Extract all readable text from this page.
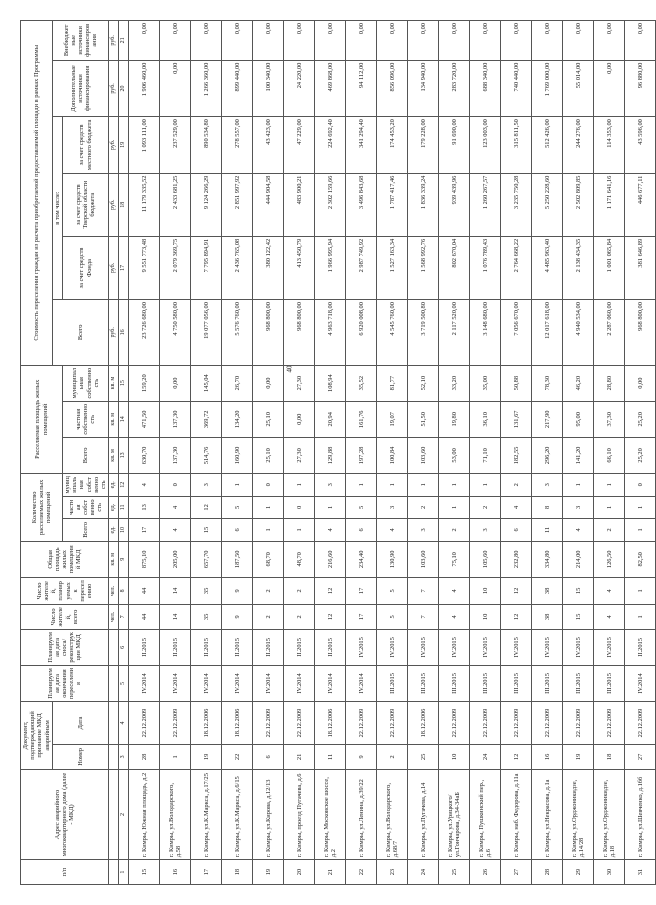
40
п/п	Адрес аварийного многоквартирного дома (далее - МКД)	Документ, подтверждающий признание МКД аварийным		Планируемая дата окончания переселения	Планируемая дата сноса/реконструкции МКД	Число жителей, всего	Число жителей, планируемых к переселению	Общая площадь жилых помещений МКД	Количество расселяемых жилых помещений			Расселяемая площадь жилых помещений			Стоимость переселения граждан из расчета приобретаемой предоставляемой площади в рамках Программы					
		Номер	Дата												Всего	в том числе:			Дополнительные источники финансирования	Внебюджетные источники финансирования
									Всего	частная собственность	муниципальная собственность	Всего	частная собственность	муниципальная собственность		за счет средств Фонда	за счет средств Тверской области бюджета	за счет средств местного бюджета		
						чел.	чел.	кв. м	ед.	ед.	ед.	кв. м	кв. м	кв. м	руб.	руб.	руб.	руб.	руб.	руб.
1	2	3	4	5	6	7	8	9	10	11	12	13	14	15	16	17	18	19	20	21
15	г. Кимры, Южная площадь, д.2	28	22.12.2009	IV.2014	II.2015	44	44	875,10	17	13	4	630,70	471,50	159,20	23 726 680,00	9 551 773,48	11 179 335,52	1 093 111,00	1 906 460,00	0,00
16	г. Кимры, ул.Володарского, д.58	1	22.12.2009	IV.2014	II.2015	14	14	205,00	4	4	0	137,30	137,30	0,00	4 750 580,00	2 079 369,75	2 433 681,25	237 529,00	0,00	0,00
17	г. Кимры, ул.К.Маркса, д.17/25	19	18.12.2006	IV.2014	II.2015	35	35	657,70	15	12	3	514,76	369,72	145,04	19 077 056,00	7 795 894,91	9 124 266,29	890 534,80	1 266 360,00	0,00
18	г. Кимры, ул.К.Маркса, д.6/15	22	18.12.2006	IV.2014	II.2015	9	9	187,50	6	5	1	160,90	134,20	26,70	5 576 760,00	2 436 765,08	2 851 997,92	278 557,00	899 440,00	0,00
19	г. Кимры, ул.Кирова, д.12/13	6	22.12.2009	IV.2014	II.2015	2	2	68,70	1	1	0	25,10	25,10	0,00	968 800,00	380 122,42	444 904,58	43 423,00	100 340,00	0,00
20	г. Кимры, проезд Пугачева, д.6	21	22.12.2009	IV.2014	II.2015	2	2	48,70	1	0	1	27,30	0,00	27,30	968 800,00	413 450,79	483 900,21	47 229,00	24 220,00	0,00
21	г. Кимры, Московское шоссе, д.2	11	18.12.2006	IV.2014	II.2015	12	12	216,60	4	1	3	129,88	20,94	108,94	4 963 718,00	1 966 995,94	2 302 159,66	224 692,40	469 868,00	0,00
22	г. Кимры, ул.Ленина, д.39/22	9	22.12.2009	IV.2014	IV.2015	17	17	234,40	6	5	1	197,28	161,76	35,52	6 920 008,00	2 987 749,92	3 496 843,68	341 294,40	94 112,00	0,00
23	г. Кимры, ул.Володарского, д.68/7	2	22.12.2009	III.2015	IV.2015	5	5	130,90	4	3	1	100,84	19,07	81,77	4 545 760,00	1 527 163,34	1 787 417,46	174 453,20	856 096,00	0,00
24	г. Кимры, ул.Пугачева, д.14	25	18.12.2006	III.2015	IV.2015	7	7	103,60	3	2	1	103,60	51,50	52,10	3 719 500,80	1 568 992,76	1 836 339,24	179 228,00	134 940,00	0,00
25	г. Кимры, ул.Урицкого/ул.Гончарова, д.34-34аБ	10	22.12.2009	III.2015	IV.2015	4	4	75,10	2	1	1	53,00	19,80	33,20	2 117 520,00	802 670,04	939 439,96	91 690,00	283 720,00	0,00
26	г. Кимры, Пушкинский пер., д.6	24	22.12.2009	III.2015	IV.2015	10	10	105,60	3	2	1	71,10	36,10	35,00	3 148 680,00	1 076 789,43	1 260 267,57	123 003,00	688 340,00	0,00
27	г. Кимры, наб. Федорова, д.11а	12	22.12.2009	III.2015	IV.2015	12	12	232,80	6	4	2	182,55	131,67	50,88	7 056 670,00	2 764 668,22	3 235 750,28	315 811,50	740 440,00	0,00
28	г. Кимры, ул.Некрасова, д.1а	16	22.12.2009	III.2015	IV.2015	38	38	334,80	11	8	3	296,20	217,90	78,30	12 017 618,00	4 485 963,40	5 250 228,60	512 426,00	1 769 000,00	0,00
29	г. Кимры, ул.Орджоникидзе, д.14/28	19	22.12.2009	III.2015	IV.2015	15	15	214,00	4	3	1	141,20	95,00	46,20	4 940 534,00	2 138 434,35	2 502 809,85	244 276,00	55 014,00	0,00
30	г. Кимры, ул.Орджоникидзе, д.18	18	22.12.2009	III.2015	IV.2015	4	4	126,50	2	1	1	66,10	37,30	28,80	2 287 060,00	1 001 065,84	1 171 641,16	114 353,00	0,00	0,00
31	г. Кимры, ул.Шевченко, д.1бб	27	22.12.2009	IV.2014	II.2015	1	1	82,50	1	1	0	25,20	25,20	0,00	968 800,00	381 646,89	446 677,11	43 596,00	96 880,00	0,00
